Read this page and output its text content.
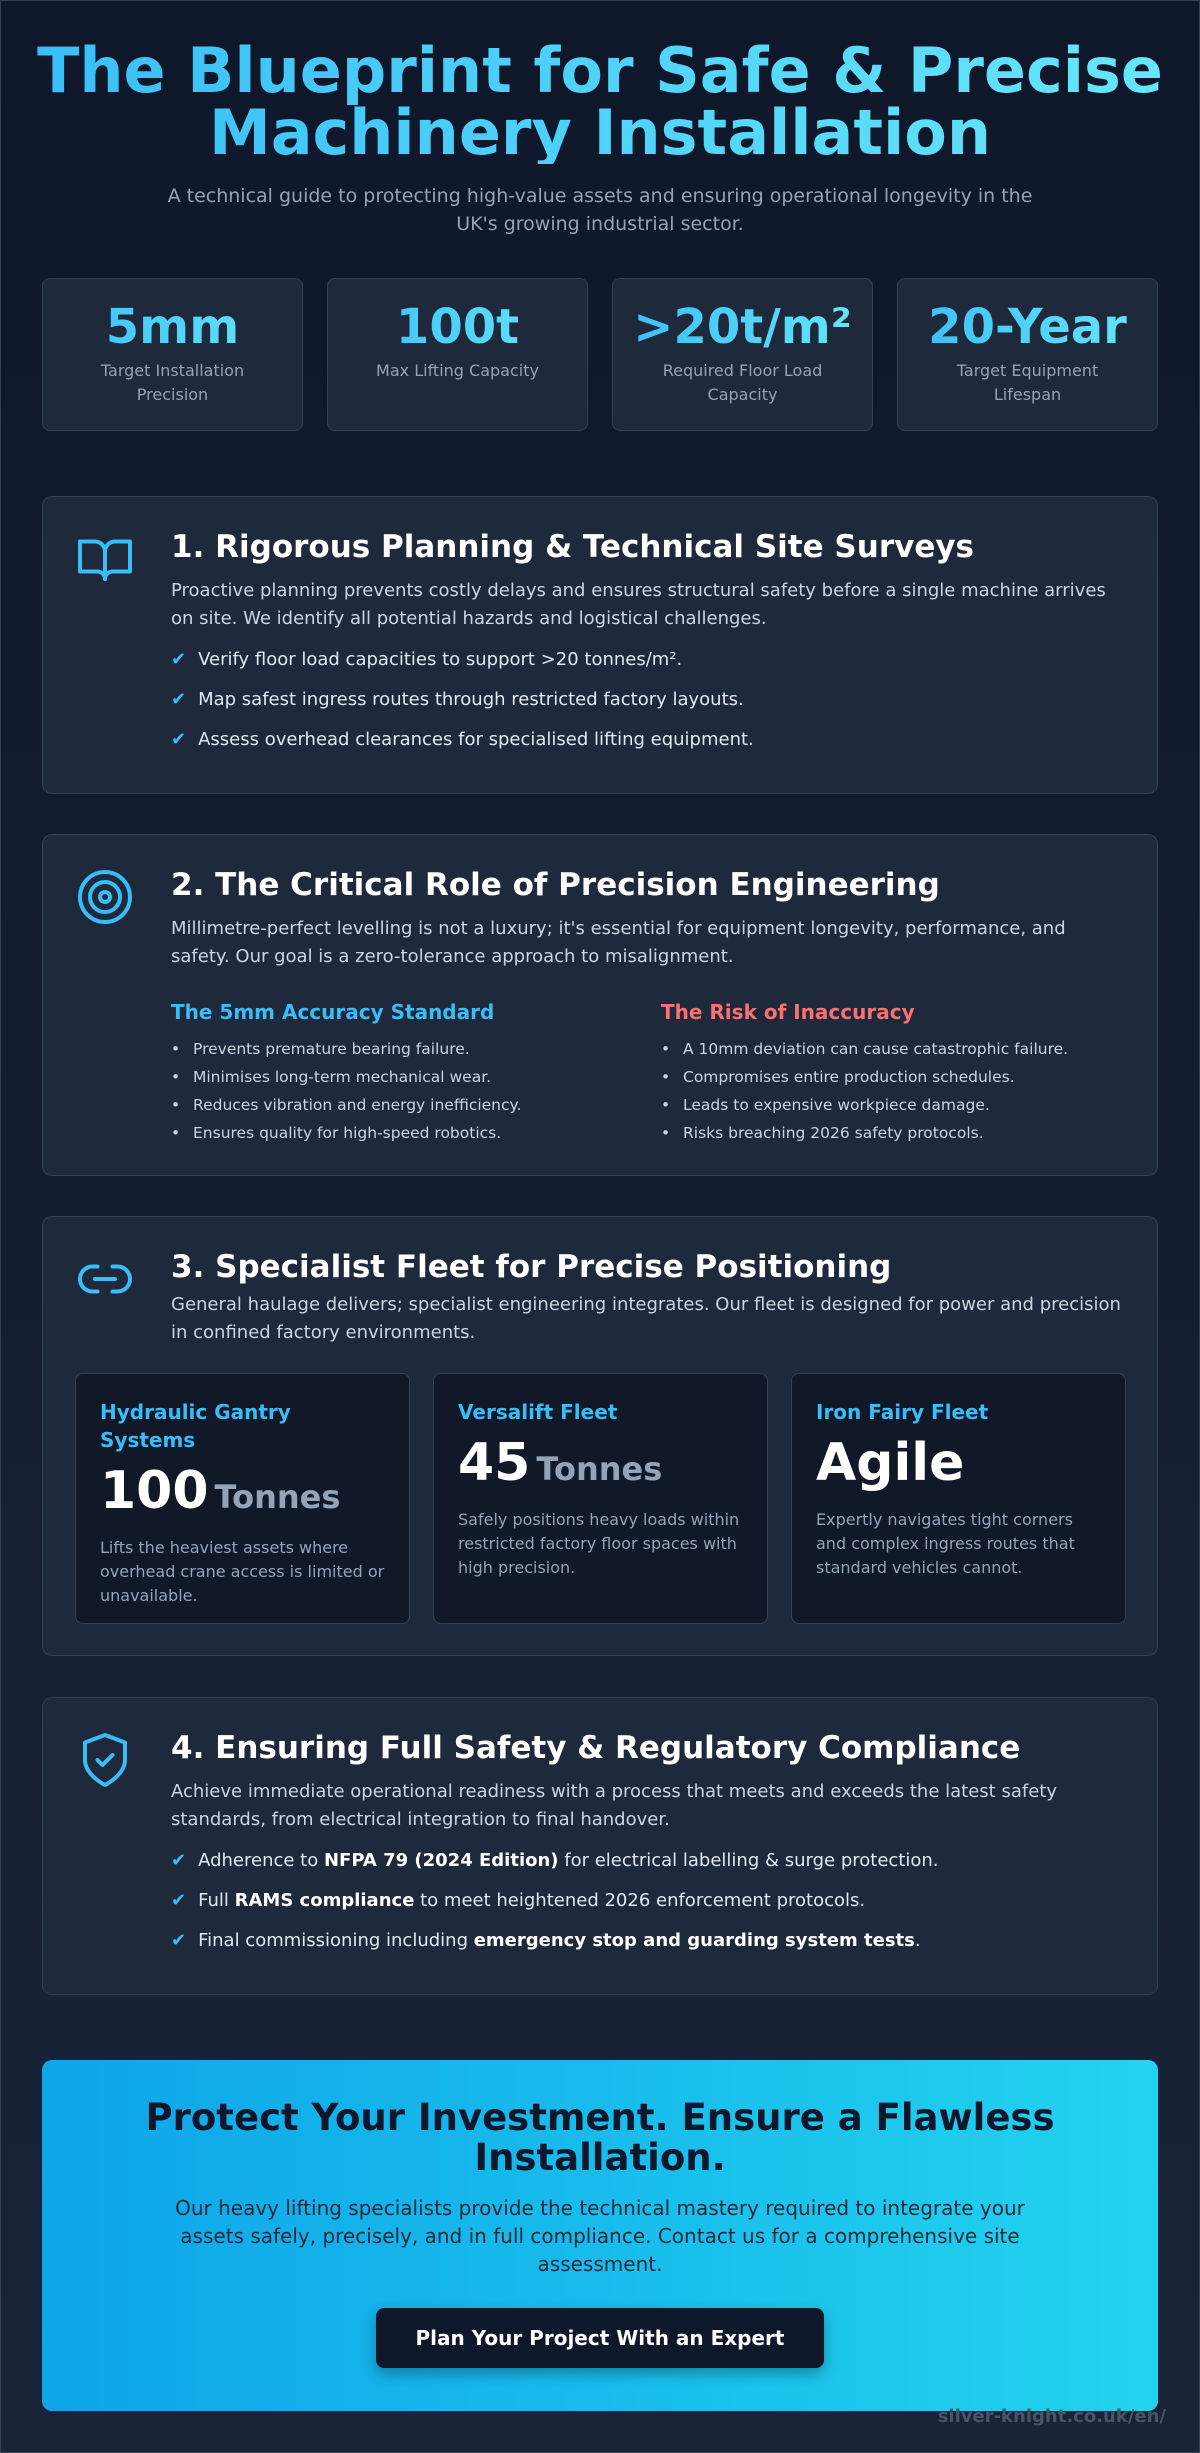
The Blueprint for Safe & Precise
Machinery Installation

A technical guide to protecting high-value assets and ensuring operational longevity in the UK's growing industrial sector.

5mm
Target Installation Precision
100t
Max Lifting Capacity
>20t/m²
Required Floor Load Capacity
20-Year
Target Equipment Lifespan
1. Rigorous Planning & Technical Site Surveys

Proactive planning prevents costly delays and ensures structural safety before a single machine arrives on site. We identify all potential hazards and logistical challenges.

✔ Verify floor load capacities to support >20 tonnes/m².
✔ Map safest ingress routes through restricted factory layouts.
✔ Assess overhead clearances for specialised lifting equipment.
2. The Critical Role of Precision Engineering

Millimetre-perfect levelling is not a luxury; it's essential for equipment longevity, performance, and safety. Our goal is a zero-tolerance approach to misalignment.

The 5mm Accuracy Standard
• Prevents premature bearing failure.
• Minimises long-term mechanical wear.
• Reduces vibration and energy inefficiency.
• Ensures quality for high-speed robotics.
The Risk of Inaccuracy
• A 10mm deviation can cause catastrophic failure.
• Compromises entire production schedules.
• Leads to expensive workpiece damage.
• Risks breaching 2026 safety protocols.
3. Specialist Fleet for Precise Positioning

General haulage delivers; specialist engineering integrates. Our fleet is designed for power and precision in confined factory environments.

Hydraulic Gantry Systems
100 Tonnes

Lifts the heaviest assets where overhead crane access is limited or unavailable.

Versalift Fleet
45 Tonnes

Safely positions heavy loads within restricted factory floor spaces with high precision.

Iron Fairy Fleet
Agile

Expertly navigates tight corners and complex ingress routes that standard vehicles cannot.

4. Ensuring Full Safety & Regulatory Compliance

Achieve immediate operational readiness with a process that meets and exceeds the latest safety standards, from electrical integration to final handover.

✔ Adherence to NFPA 79 (2024 Edition) for electrical labelling & surge protection.
✔ Full RAMS compliance to meet heightened 2026 enforcement protocols.
✔ Final commissioning including emergency stop and guarding system tests.
Protect Your Investment. Ensure a Flawless Installation.

Our heavy lifting specialists provide the technical mastery required to integrate your assets safely, precisely, and in full compliance. Contact us for a comprehensive site assessment.

Plan Your Project With an Expert
silver-knight.co.uk/en/
